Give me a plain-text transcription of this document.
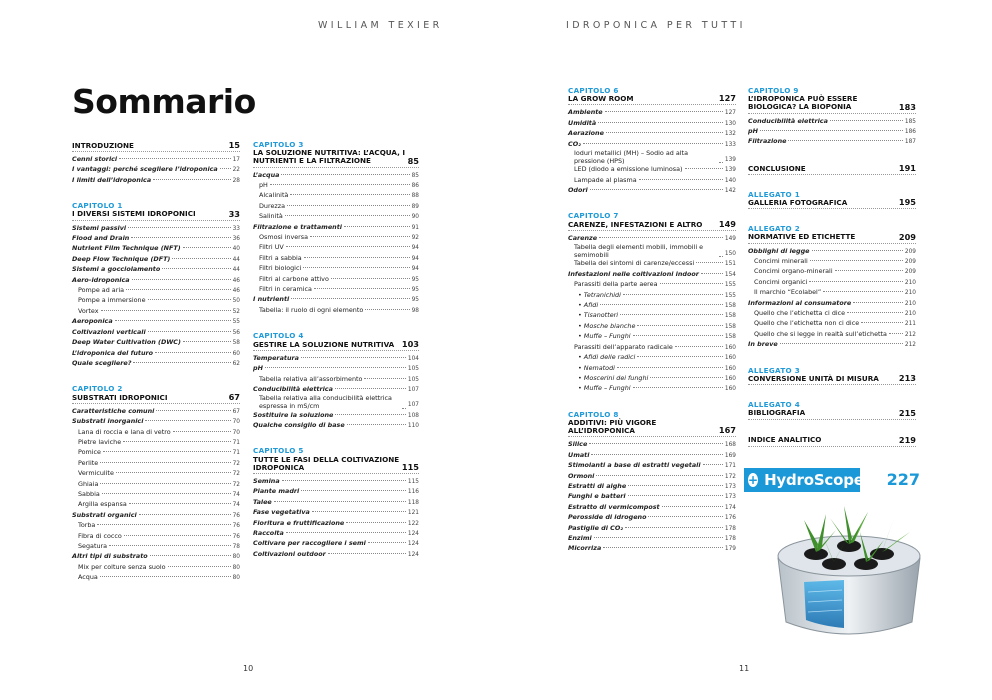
WILLIAM TEXIER
Sommario
INTRODUZIONE	15
Cenni storici	17
I vantaggi: perché scegliere l’idroponica	22
I limiti dell’idroponica	28
CAPITOLO 1
I DIVERSI SISTEMI IDROPONICI	33
Sistemi passivi	33
Flood and Drain	36
Nutrient Film Technique (NFT)	40
Deep Flow Technique (DFT)	44
Sistemi a gocciolamento	44
Aero-idroponica	46
Pompe ad aria	46
Pompe a immersione	50
Vortex	52
Aeroponica	55
Coltivazioni verticali	56
Deep Water Cultivation (DWC)	58
L’idroponica del futuro	60
Quale scegliere?	62
CAPITOLO 2
SUBSTRATI IDROPONICI	67
Caratteristiche comuni	67
Substrati inorganici	70
Lana di roccia e lana di vetro	70
Pietre laviche	71
Pomice	71
Perlite	72
Vermiculite	72
Ghiaia	72
Sabbia	74
Argilla espansa	74
Substrati organici	76
Torba	76
Fibra di cocco	76
Segatura	78
Altri tipi di substrato	80
Mix per colture senza suolo	80
Acqua	80
CAPITOLO 3
LA SOLUZIONE NUTRITIVA: L’ACQUA, I NUTRIENTI E LA FILTRAZIONE	85
L’acqua	85
pH	86
Alcalinità	88
Durezza	89
Salinità	90
Filtrazione e trattamenti	91
Osmosi inversa	92
Filtri UV	94
Filtri a sabbia	94
Filtri biologici	94
Filtri al carbone attivo	95
Filtri in ceramica	95
I nutrienti	95
Tabella: il ruolo di ogni elemento	98
CAPITOLO 4
GESTIRE LA SOLUZIONE NUTRITIVA 103
Temperatura	104
pH	105
Tabella relativa all’assorbimento	105
Conducibilità elettrica	107
Tabella relativa alla conducibilità elettrica espressa in mS/cm	107
Sostituire la soluzione	108
Qualche consiglio di base	110
CAPITOLO 5
TUTTE LE FASI DELLA COLTIVAZIONE IDROPONICA	115
Semina	115
Piante madri	116
Talee	118
Fase vegetativa	121
Fioritura e fruttificazione	122
Raccolta	124
Coltivare per raccogliere i semi	124
Coltivazioni outdoor	124
10
IDROPONICA PER TUTTI
CAPITOLO 6
LA GROW ROOM	127
Ambiente	127
Umidità	130
Aerazione	132
CO₂	133
Ioduri metallici (MH) – Sodio ad alta pressione (HPS)	139
LED (diodo a emissione luminosa)	139
Lampade al plasma	140
Odori	142
CAPITOLO 7
CARENZE, INFESTAZIONI E ALTRO 149
Carenze	149
Tabella degli elementi mobili, immobili e semimobili	150
Tabella dei sintomi di carenze/eccessi	151
Infestazioni nelle coltivazioni indoor	154
Parassiti della parte aerea	155
• Tetranichidi	155
• Afidi	158
• Tisanotteri	158
• Mosche bianche	158
• Muffe – Funghi	158
Parassiti dell’apparato radicale	160
• Afidi delle radici	160
• Nematodi	160
• Moscerini dei funghi	160
• Muffe – Funghi	160
CAPITOLO 8
ADDITIVI: PIÙ VIGORE ALL’IDROPONICA	167
Silice	168
Umati	169
Stimolanti a base di estratti vegetali	171
Ormoni	172
Estratti di alghe	173
Funghi e batteri	173
Estratto di vermicompost	174
Perosside di idrogeno	176
Pastiglie di CO₂	178
Enzimi	178
Micorriza	179
CAPITOLO 9
L’IDROPONICA PUÒ ESSERE BIOLOGICA? LA BIOPONIA	183
Conducibilità elettrica	185
pH	186
Filtrazione	187
CONCLUSIONE	191
ALLEGATO 1
GALLERIA FOTOGRAFICA	195
ALLEGATO 2
NORMATIVE ED ETICHETTE	209
Obblighi di legge	209
Concimi minerali	209
Concimi organo-minerali	209
Concimi organici	210
Il marchio “Ecolabel”	210
Informazioni al consumatore	210
Quello che l’etichetta ci dice	210
Quello che l’etichetta non ci dice	211
Quello che si legge in realtà sull’etichetta	212
In breve	212
ALLEGATO 3
CONVERSIONE UNITÀ DI MISURA 213
ALLEGATO 4
BIBLIOGRAFIA	215
INDICE ANALITICO	219
11
+ HydroScope 227
